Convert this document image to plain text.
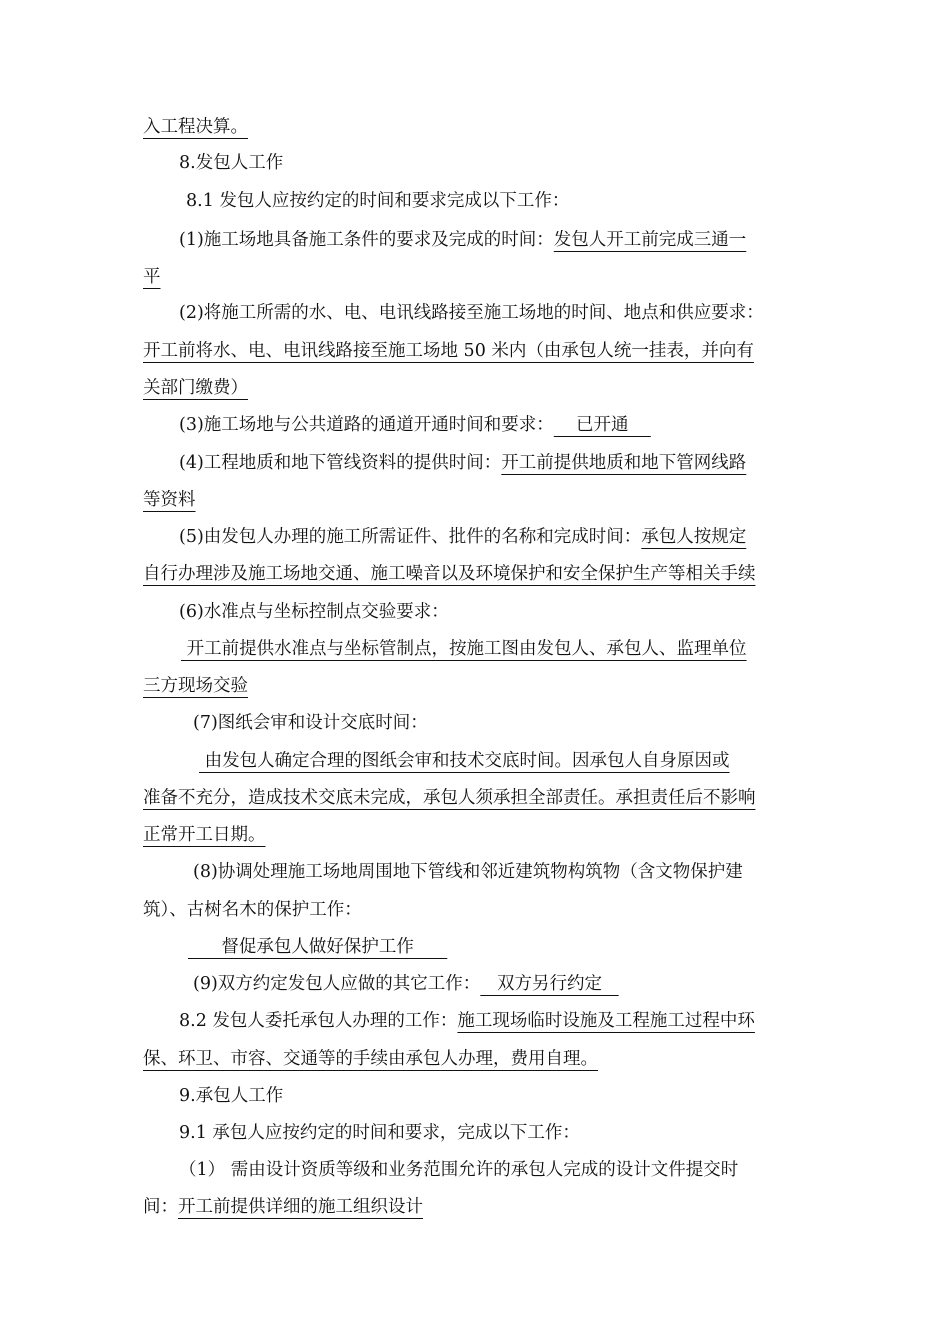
入工程决算。
8.发包人工作
8.1 发包人应按约定的时间和要求完成以下工作：
(1)施工场地具备施工条件的要求及完成的时间：发包人开工前完成三通一
平
(2)将施工所需的水、电、电讯线路接至施工场地的时间、地点和供应要求：
开工前将水、电、电讯线路接至施工场地 50 米内（由承包人统一挂表，并向有
关部门缴费）
(3)施工场地与公共道路的通道开通时间和要求：    已开通
(4)工程地质和地下管线资料的提供时间：开工前提供地质和地下管网线路
等资料
(5)由发包人办理的施工所需证件、批件的名称和完成时间：承包人按规定
自行办理涉及施工场地交通、施工噪音以及环境保护和安全保护生产等相关手续
(6)水准点与坐标控制点交验要求：
开工前提供水准点与坐标管制点，按施工图由发包人、承包人、监理单位
三方现场交验
(7)图纸会审和设计交底时间：
由发包人确定合理的图纸会审和技术交底时间。因承包人自身原因或
准备不充分，造成技术交底未完成，承包人须承担全部责任。承担责任后不影响
正常开工日期。
(8)协调处理施工场地周围地下管线和邻近建筑物构筑物（含文物保护建
筑）、古树名木的保护工作：
督促承包人做好保护工作
(9)双方约定发包人应做的其它工作：   双方另行约定
8.2 发包人委托承包人办理的工作：施工现场临时设施及工程施工过程中环
保、环卫、市容、交通等的手续由承包人办理，费用自理。
9.承包人工作
9.1 承包人应按约定的时间和要求，完成以下工作：
（1） 需由设计资质等级和业务范围允许的承包人完成的设计文件提交时
间：开工前提供详细的施工组织设计
